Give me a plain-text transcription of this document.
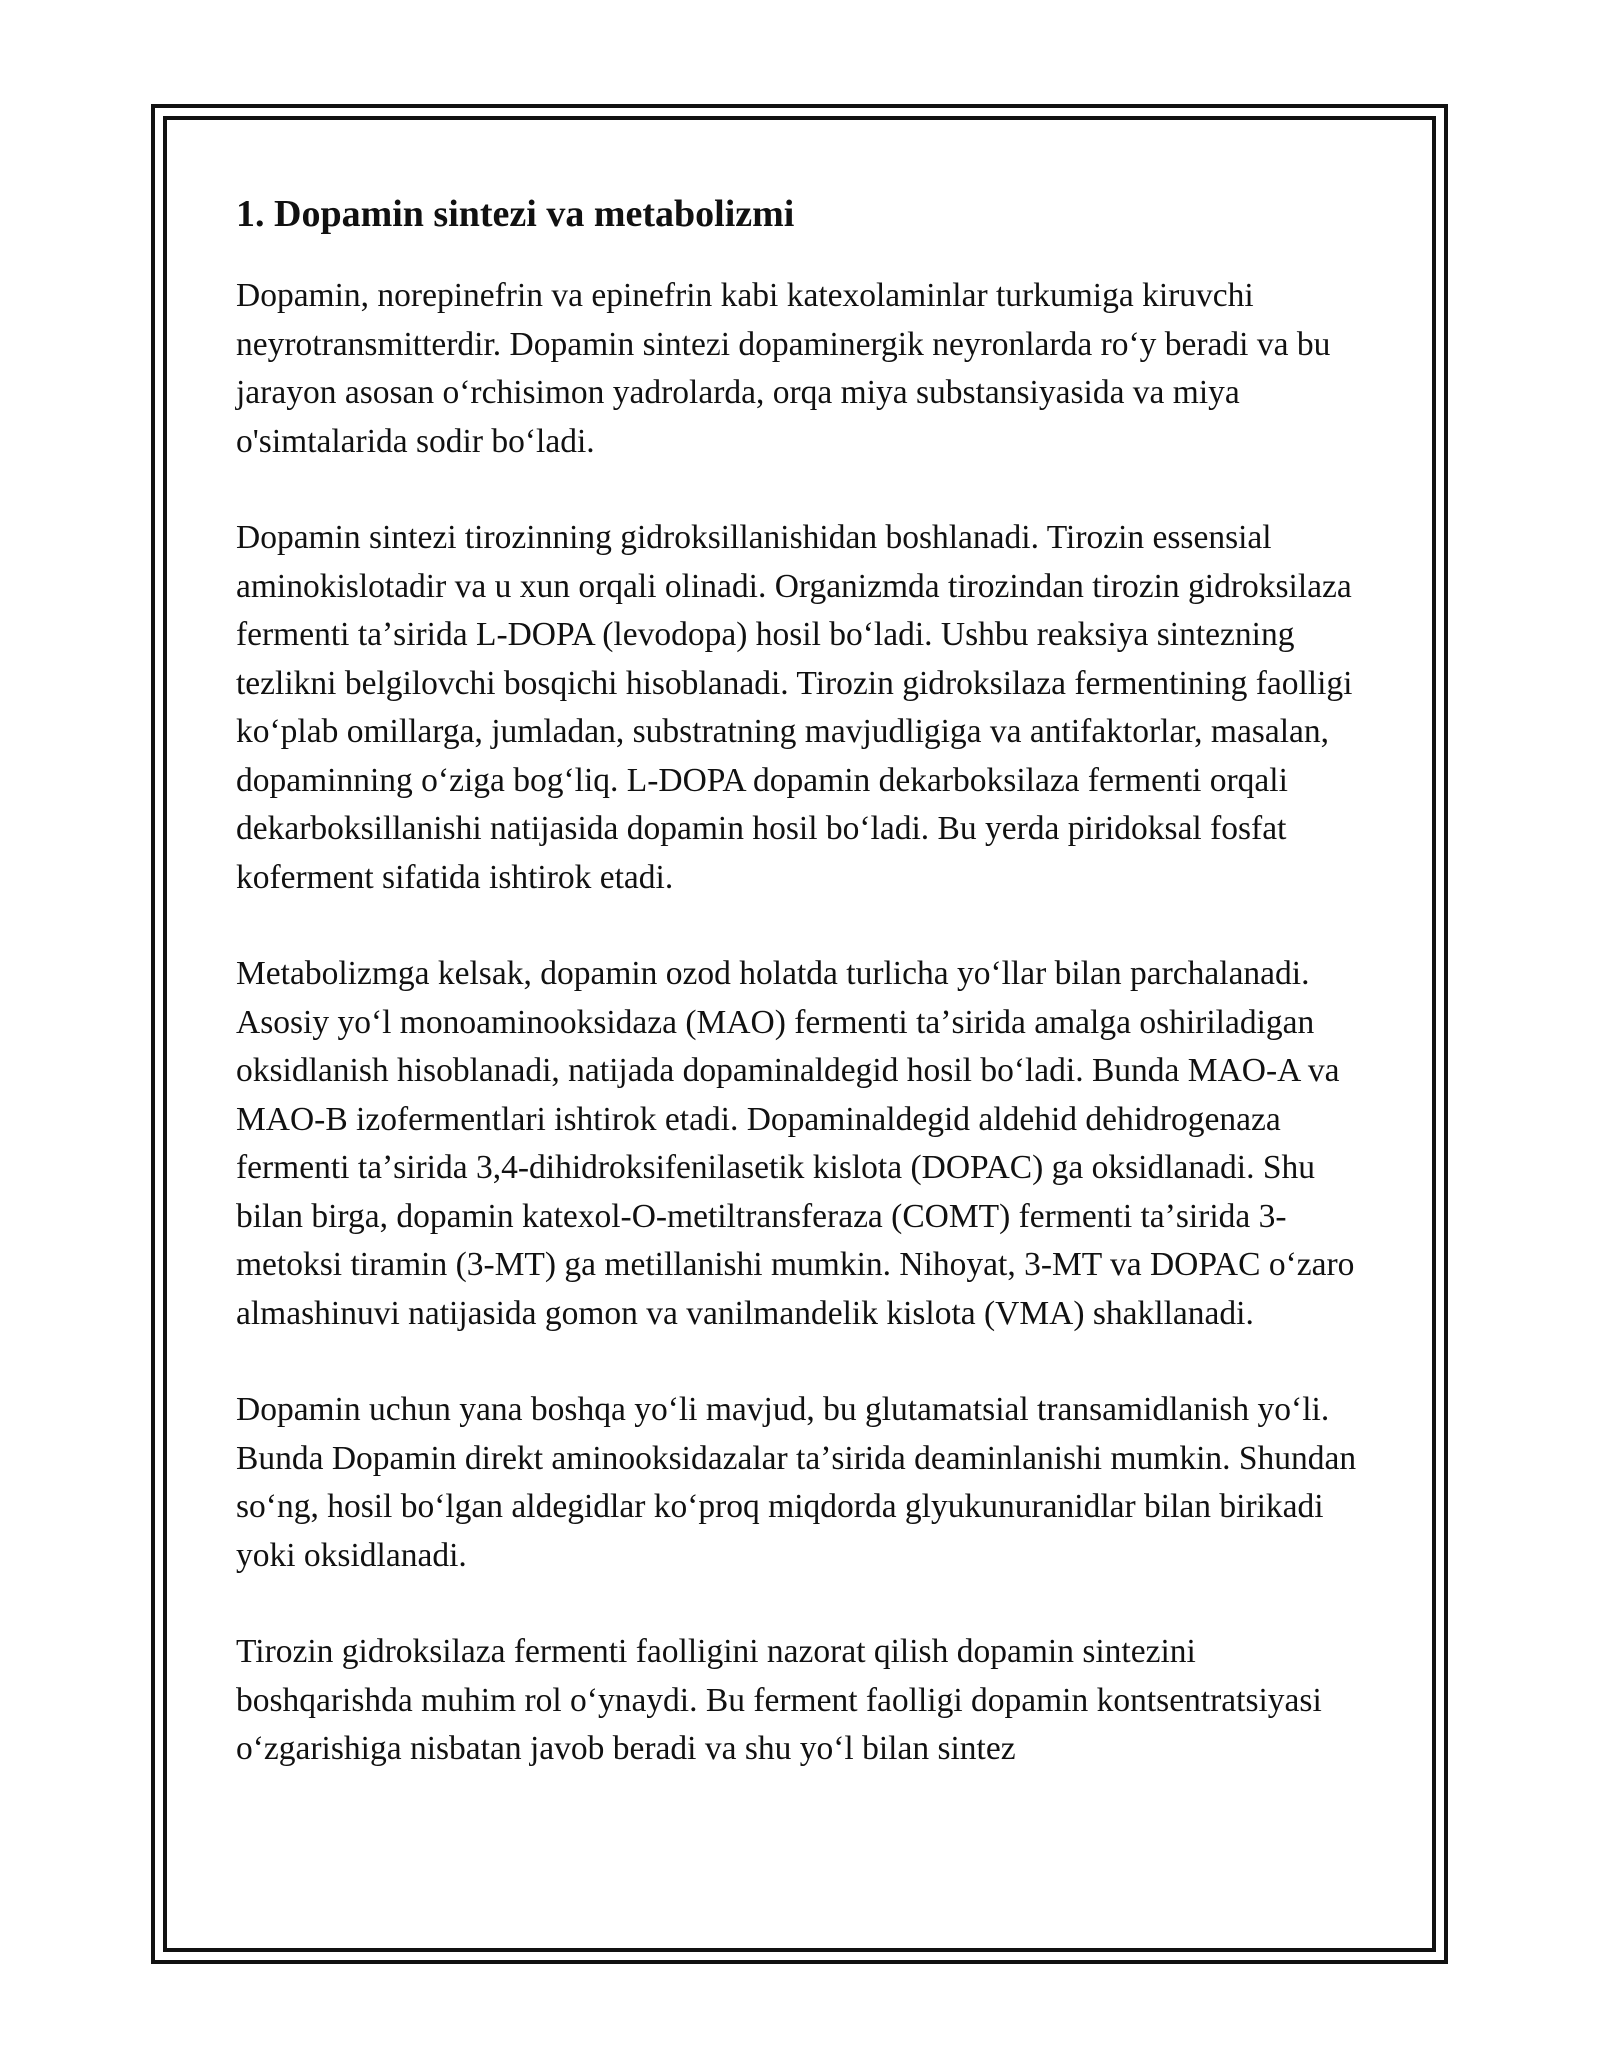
1. Dopamin sintezi va metabolizmi

Dopamin, norepinefrin va epinefrin kabi katexolaminlar turkumiga kiruvchi neyrotransmitterdir. Dopamin sintezi dopaminergik neyronlarda roʻy beradi va bu jarayon asosan oʻrchisimon yadrolarda, orqa miya substansiyasida va miya o'simtalarida sodir boʻladi.

Dopamin sintezi tirozinning gidroksillanishidan boshlanadi. Tirozin essensial aminokislotadir va u xun orqali olinadi. Organizmda tirozindan tirozin gidroksilaza fermenti taʼsirida L-DOPA (levodopa) hosil boʻladi. Ushbu reaksiya sintezning tezlikni belgilovchi bosqichi hisoblanadi. Tirozin gidroksilaza fermentining faolligi koʻplab omillarga, jumladan, substratning mavjudligiga va antifaktorlar, masalan, dopaminning oʻziga bogʻliq. L-DOPA dopamin dekarboksilaza fermenti orqali dekarboksillanishi natijasida dopamin hosil boʻladi. Bu yerda piridoksal fosfat koferment sifatida ishtirok etadi.

Metabolizmga kelsak, dopamin ozod holatda turlicha yoʻllar bilan parchalanadi. Asosiy yoʻl monoaminooksidaza (MAO) fermenti taʼsirida amalga oshiriladigan oksidlanish hisoblanadi, natijada dopaminaldegid hosil boʻladi. Bunda MAO-A va MAO-B izofermentlari ishtirok etadi. Dopaminaldegid aldehid dehidrogenaza fermenti taʼsirida 3,4-dihidroksifenilasetik kislota (DOPAC) ga oksidlanadi. Shu bilan birga, dopamin katexol-O-metiltransferaza (COMT) fermenti taʼsirida 3-metoksi tiramin (3-MT) ga metillanishi mumkin. Nihoyat, 3-MT va DOPAC oʻzaro almashinuvi natijasida gomon va vanilmandelik kislota (VMA) shakllanadi.

Dopamin uchun yana boshqa yoʻli mavjud, bu glutamatsial transamidlanish yoʻli. Bunda Dopamin direkt aminooksidazalar taʼsirida deaminlanishi mumkin. Shundan soʻng, hosil boʻlgan aldegidlar koʻproq miqdorda glyukunuranidlar bilan birikadi yoki oksidlanadi.

Tirozin gidroksilaza fermenti faolligini nazorat qilish dopamin sintezini boshqarishda muhim rol oʻynaydi. Bu ferment faolligi dopamin kontsentratsiyasi oʻzgarishiga nisbatan javob beradi va shu yoʻl bilan sintez
